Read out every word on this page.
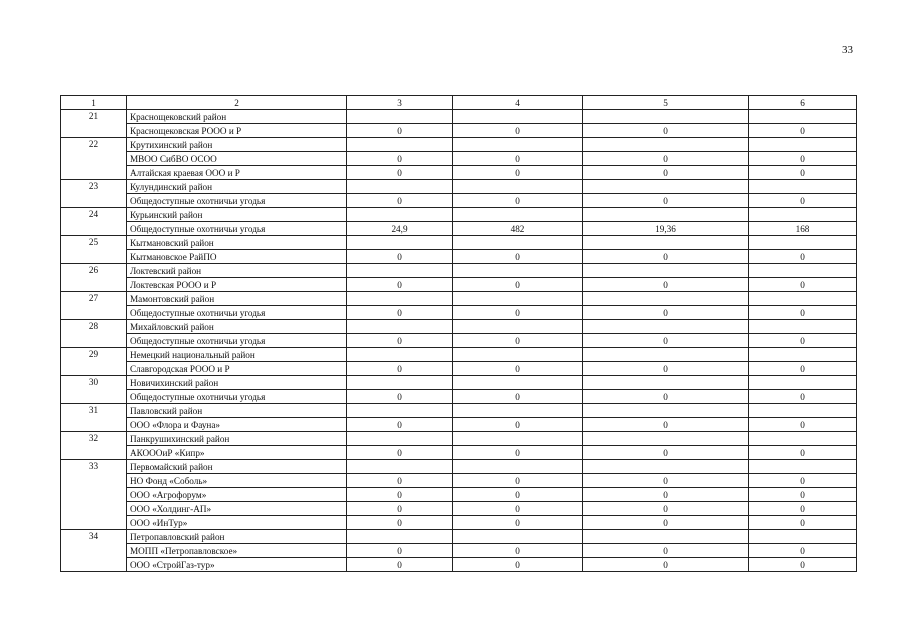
33
1	2	3	4	5	6
21	Краснощековский район				
	Краснощековская РООО и Р	0	0	0	0
22	Крутихинский район				
	МВОО СибВО ОСОО	0	0	0	0
	Алтайская краевая ООО и Р	0	0	0	0
23	Кулундинский район				
	Общедоступные охотничьи угодья	0	0	0	0
24	Курьинский район				
	Общедоступные охотничьи угодья	24,9	482	19,36	168
25	Кытмановский район				
	Кытмановское РайПО	0	0	0	0
26	Локтевский район				
	Локтевская РООО и Р	0	0	0	0
27	Мамонтовский район				
	Общедоступные охотничьи угодья	0	0	0	0
28	Михайловский район				
	Общедоступные охотничьи угодья	0	0	0	0
29	Немецкий национальный район				
	Славгородская РООО и Р	0	0	0	0
30	Новичихинский район				
	Общедоступные охотничьи угодья	0	0	0	0
31	Павловский район				
	ООО «Флора и Фауна»	0	0	0	0
32	Панкрушихинский район				
	АКОООиР «Кипр»	0	0	0	0
33	Первомайский район				
	НО Фонд «Соболь»	0	0	0	0
	ООО «Агрофорум»	0	0	0	0
	ООО «Холдинг-АП»	0	0	0	0
	ООО «ИнТур»	0	0	0	0
34	Петропавловский район				
	МОПП «Петропавловское»	0	0	0	0
	ООО «СтройГаз-тур»	0	0	0	0
